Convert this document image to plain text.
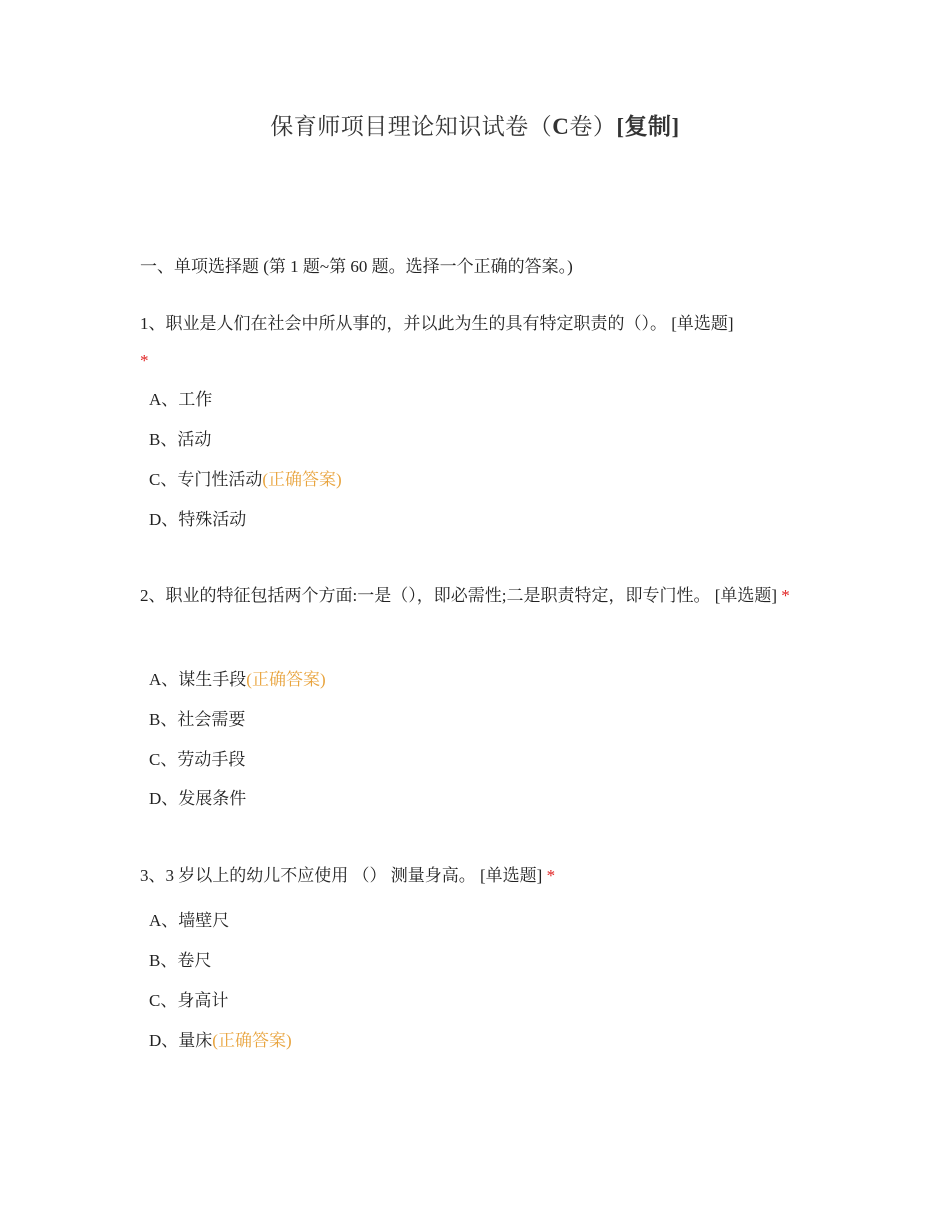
保育师项目理论知识试卷（C卷）[复制]
一、单项选择题 (第 1 题~第 60 题。选择一个正确的答案。)
1、职业是人们在社会中所从事的，并以此为生的具有特定职责的（）。 [单选题]
*
A、工作
B、活动
C、专门性活动(正确答案)
D、特殊活动
2、职业的特征包括两个方面:一是（），即必需性;二是职责特定，即专门性。 [单选题] *
A、谋生手段(正确答案)
B、社会需要
C、劳动手段
D、发展条件
3、3 岁以上的幼儿不应使用 （） 测量身高。 [单选题] *
A、墙壁尺
B、卷尺
C、身高计
D、量床(正确答案)
